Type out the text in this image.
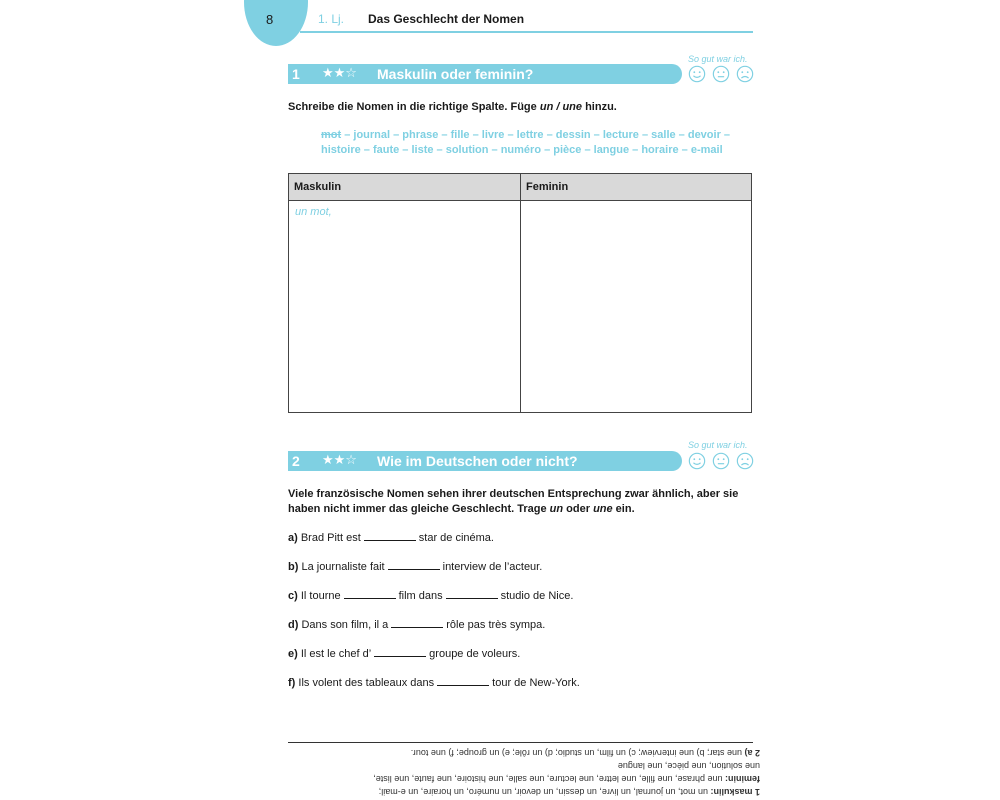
8	1. Lj. Das Geschlecht der Nomen
So gut war ich.
1 ★★☆ Maskulin oder feminin?
Schreibe die Nomen in die richtige Spalte. Füge un / une hinzu.
mot – journal – phrase – fille – livre – lettre – dessin – lecture – salle – devoir –
histoire – faute – liste – solution – numéro – pièce – langue – horaire – e-mail
Maskulin	Feminin
un mot,
So gut war ich.
2 ★★☆ Wie im Deutschen oder nicht?
Viele französische Nomen sehen ihrer deutschen Entsprechung zwar ähnlich, aber sie
haben nicht immer das gleiche Geschlecht. Trage un oder une ein.
a) Brad Pitt est	star de cinéma.
b) La journaliste fait	interview de l’acteur.
c) Il tourne	film dans	studio de Nice.
d) Dans son film, il a	rôle pas très sympa.
e) Il est le chef d’	groupe de voleurs.
f) Ils volent des tableaux dans	tour de New-York.
1 maskulin: un mot, un journal, un livre, un dessin, un devoir, un numéro, un horaire, un e-mail;
feminin: une phrase, une fille, une lettre, une lecture, une salle, une histoire, une faute, une liste,
une solution, une pièce, une langue
2 a) une star; b) une interview; c) un film, un studio; d) un rôle; e) un groupe; f) une tour.
